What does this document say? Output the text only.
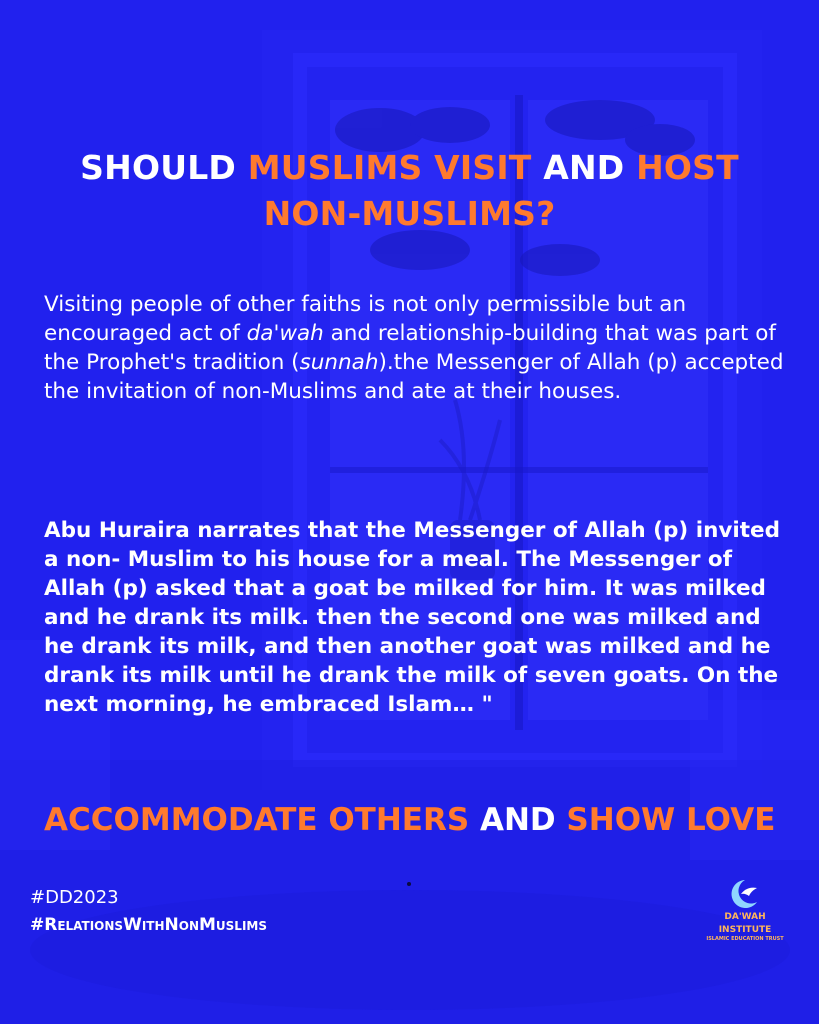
SHOULD MUSLIMS VISIT AND HOST NON-MUSLIMS?
Visiting people of other faiths is not only permissible but an encouraged act of da'wah and relationship-building that was part of the Prophet's tradition (sunnah).the Messenger of Allah (p) accepted the invitation of non-Muslims and ate at their houses.
Abu Huraira narrates that the Messenger of Allah (p) invited a non- Muslim to his house for a meal. The Messenger of Allah (p) asked that a goat be milked for him. It was milked and he drank its milk. then the second one was milked and he drank its milk, and then another goat was milked and he drank its milk until he drank the milk of seven goats. On the next morning, he embraced Islam… "
ACCOMMODATE OTHERS AND SHOW LOVE
#DD2023
#RelationsWithNonMuslims	DA'WAH
INSTITUTE
ISLAMIC EDUCATION TRUST
